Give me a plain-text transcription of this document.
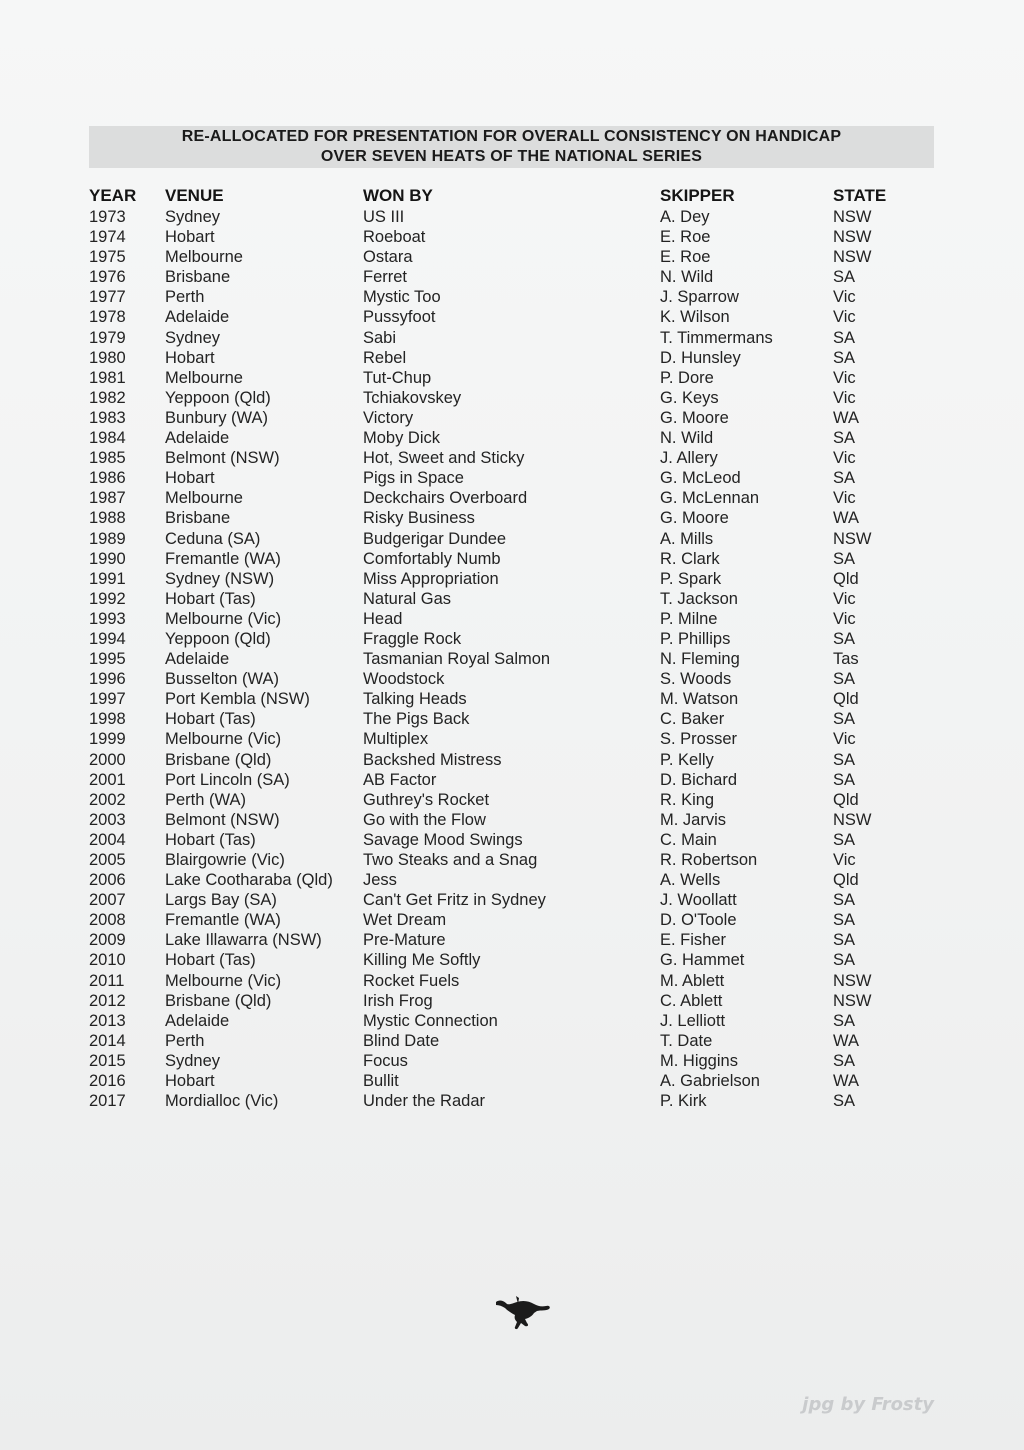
RE-ALLOCATED FOR PRESENTATION FOR OVERALL CONSISTENCY ON HANDICAP
OVER SEVEN HEATS OF THE NATIONAL SERIES
YEAR	VENUE	WON BY	SKIPPER	STATE
1973	Sydney	US III	A. Dey	NSW
1974	Hobart	Roeboat	E. Roe	NSW
1975	Melbourne	Ostara	E. Roe	NSW
1976	Brisbane	Ferret	N. Wild	SA
1977	Perth	Mystic Too	J. Sparrow	Vic
1978	Adelaide	Pussyfoot	K. Wilson	Vic
1979	Sydney	Sabi	T. Timmermans	SA
1980	Hobart	Rebel	D. Hunsley	SA
1981	Melbourne	Tut-Chup	P. Dore	Vic
1982	Yeppoon (Qld)	Tchiakovskey	G. Keys	Vic
1983	Bunbury (WA)	Victory	G. Moore	WA
1984	Adelaide	Moby Dick	N. Wild	SA
1985	Belmont (NSW)	Hot, Sweet and Sticky	J. Allery	Vic
1986	Hobart	Pigs in Space	G. McLeod	SA
1987	Melbourne	Deckchairs Overboard	G. McLennan	Vic
1988	Brisbane	Risky Business	G. Moore	WA
1989	Ceduna (SA)	Budgerigar Dundee	A. Mills	NSW
1990	Fremantle (WA)	Comfortably Numb	R. Clark	SA
1991	Sydney (NSW)	Miss Appropriation	P. Spark	Qld
1992	Hobart (Tas)	Natural Gas	T. Jackson	Vic
1993	Melbourne (Vic)	Head	P. Milne	Vic
1994	Yeppoon (Qld)	Fraggle Rock	P. Phillips	SA
1995	Adelaide	Tasmanian Royal Salmon	N. Fleming	Tas
1996	Busselton (WA)	Woodstock	S. Woods	SA
1997	Port Kembla (NSW)	Talking Heads	M. Watson	Qld
1998	Hobart (Tas)	The Pigs Back	C. Baker	SA
1999	Melbourne (Vic)	Multiplex	S. Prosser	Vic
2000	Brisbane (Qld)	Backshed Mistress	P. Kelly	SA
2001	Port Lincoln (SA)	AB Factor	D. Bichard	SA
2002	Perth (WA)	Guthrey's Rocket	R. King	Qld
2003	Belmont (NSW)	Go with the Flow	M. Jarvis	NSW
2004	Hobart (Tas)	Savage Mood Swings	C. Main	SA
2005	Blairgowrie (Vic)	Two Steaks and a Snag	R. Robertson	Vic
2006	Lake Cootharaba (Qld)	Jess	A. Wells	Qld
2007	Largs Bay (SA)	Can't Get Fritz in Sydney	J. Woollatt	SA
2008	Fremantle (WA)	Wet Dream	D. O'Toole	SA
2009	Lake Illawarra (NSW)	Pre-Mature	E. Fisher	SA
2010	Hobart (Tas)	Killing Me Softly	G. Hammet	SA
2011	Melbourne (Vic)	Rocket Fuels	M. Ablett	NSW
2012	Brisbane (Qld)	Irish Frog	C. Ablett	NSW
2013	Adelaide	Mystic Connection	J. Lelliott	SA
2014	Perth	Blind Date	T. Date	WA
2015	Sydney	Focus	M. Higgins	SA
2016	Hobart	Bullit	A. Gabrielson	WA
2017	Mordialloc (Vic)	Under the Radar	P. Kirk	SA
jpg by Frosty
